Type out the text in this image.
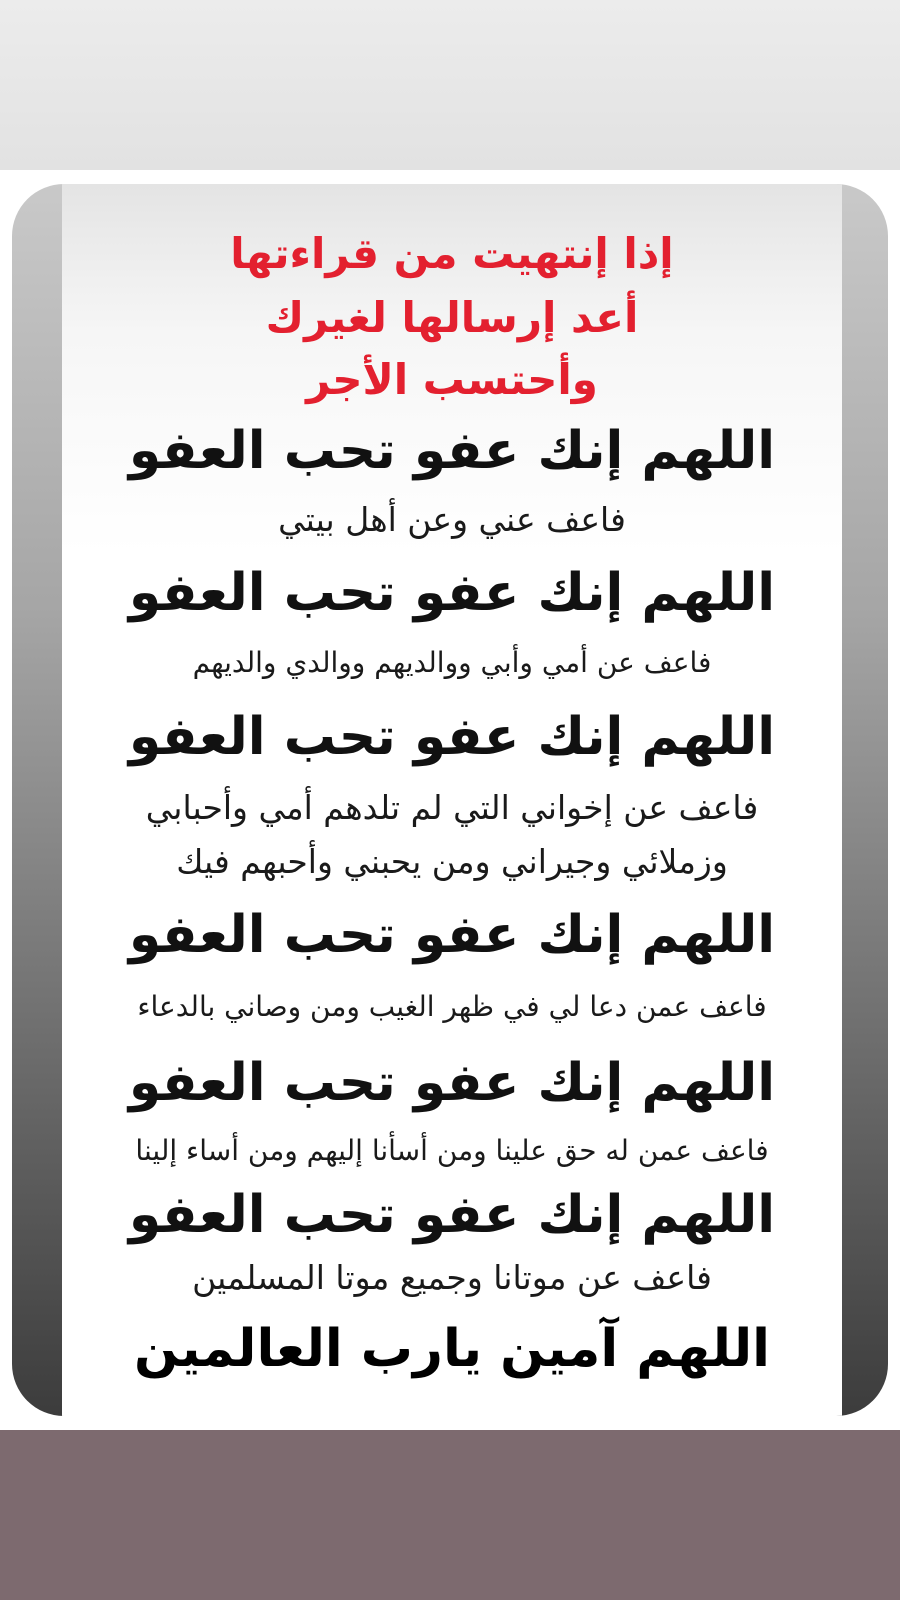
إذا إنتهيت من قراءتها
أعد إرسالها لغيرك
وأحتسب الأجر
اللهم إنك عفو تحب العفو
فاعف عني وعن أهل بيتي
اللهم إنك عفو تحب العفو
فاعف عن أمي وأبي ووالديهم ووالدي والديهم
اللهم إنك عفو تحب العفو
فاعف عن إخواني التي لم تلدهم أمي وأحبابي
وزملائي وجيراني ومن يحبني وأحبهم فيك
اللهم إنك عفو تحب العفو
فاعف عمن دعا لي في ظهر الغيب ومن وصاني بالدعاء
اللهم إنك عفو تحب العفو
فاعف عمن له حق علينا ومن أسأنا إليهم ومن أساء إلينا
اللهم إنك عفو تحب العفو
فاعف عن موتانا وجميع موتا المسلمين
اللهم آمين يارب العالمين
